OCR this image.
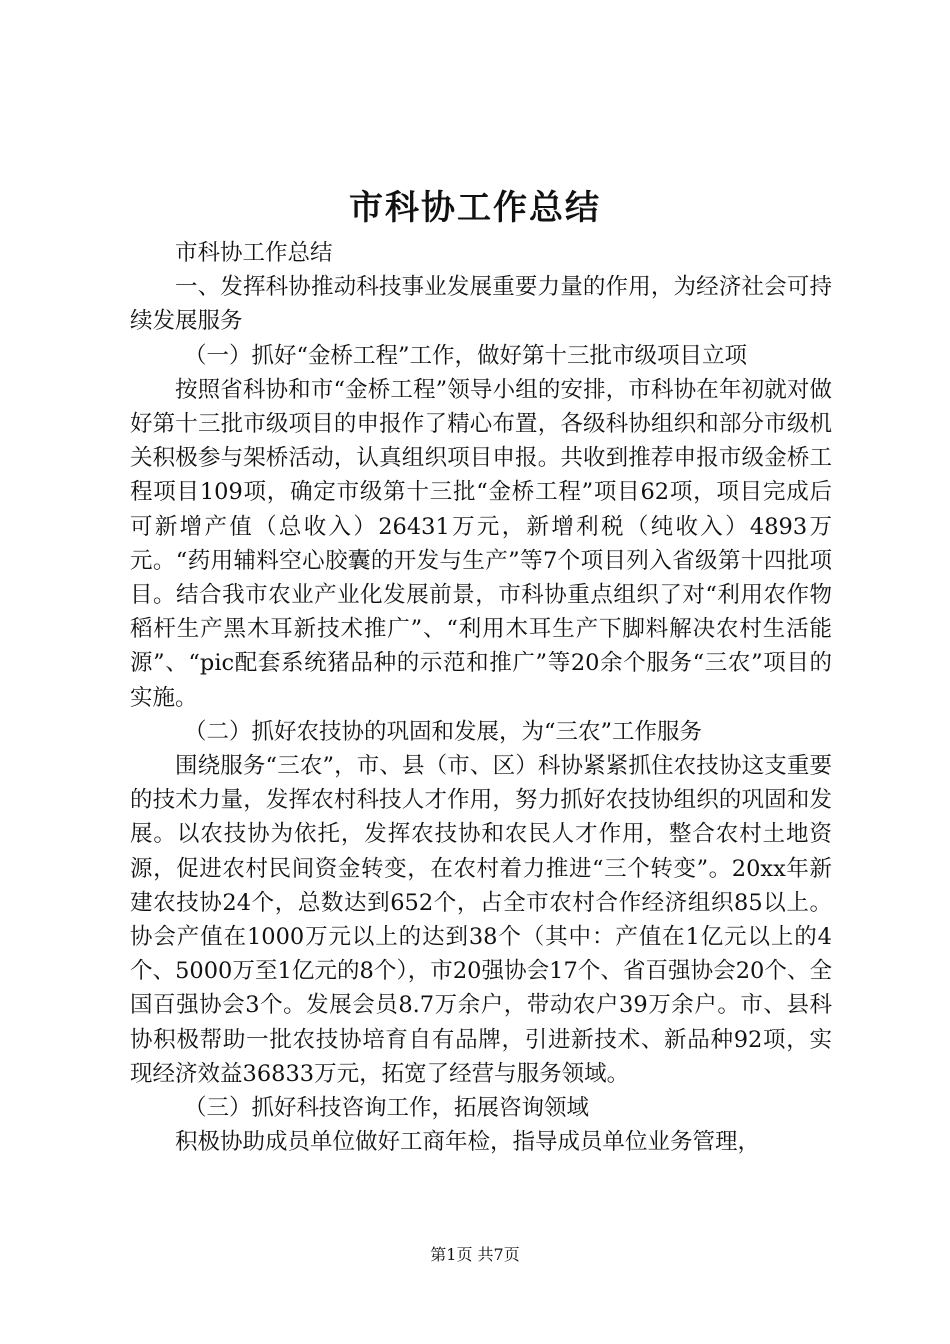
市科协工作总结

市科协工作总结

一、发挥科协推动科技事业发展重要力量的作用，为经济社会可持续发展服务

（一）抓好“金桥工程”工作，做好第十三批市级项目立项

按照省科协和市“金桥工程”领导小组的安排，市科协在年初就对做好第十三批市级项目的申报作了精心布置，各级科协组织和部分市级机关积极参与架桥活动，认真组织项目申报。共收到推荐申报市级金桥工程项目109项，确定市级第十三批“金桥工程”项目62项，项目完成后可新增产值（总收入）26431万元，新增利税（纯收入）4893万元。“药用辅料空心胶囊的开发与生产”等7个项目列入省级第十四批项目。结合我市农业产业化发展前景，市科协重点组织了对“利用农作物稻杆生产黑木耳新技术推广”、“利用木耳生产下脚料解决农村生活能源”、“pic配套系统猪品种的示范和推广”等20余个服务“三农”项目的实施。

（二）抓好农技协的巩固和发展，为“三农”工作服务

围绕服务“三农”，市、县（市、区）科协紧紧抓住农技协这支重要的技术力量，发挥农村科技人才作用，努力抓好农技协组织的巩固和发展。以农技协为依托，发挥农技协和农民人才作用，整合农村土地资源，促进农村民间资金转变，在农村着力推进“三个转变”。20xx年新建农技协24个，总数达到652个，占全市农村合作经济组织85以上。协会产值在1000万元以上的达到38个（其中：产值在1亿元以上的4个、5000万至1亿元的8个），市20强协会17个、省百强协会20个、全国百强协会3个。发展会员8.7万余户，带动农户39万余户。市、县科协积极帮助一批农技协培育自有品牌，引进新技术、新品种92项，实现经济效益36833万元，拓宽了经营与服务领域。

（三）抓好科技咨询工作，拓展咨询领域

积极协助成员单位做好工商年检，指导成员单位业务管理，

第1页 共7页
